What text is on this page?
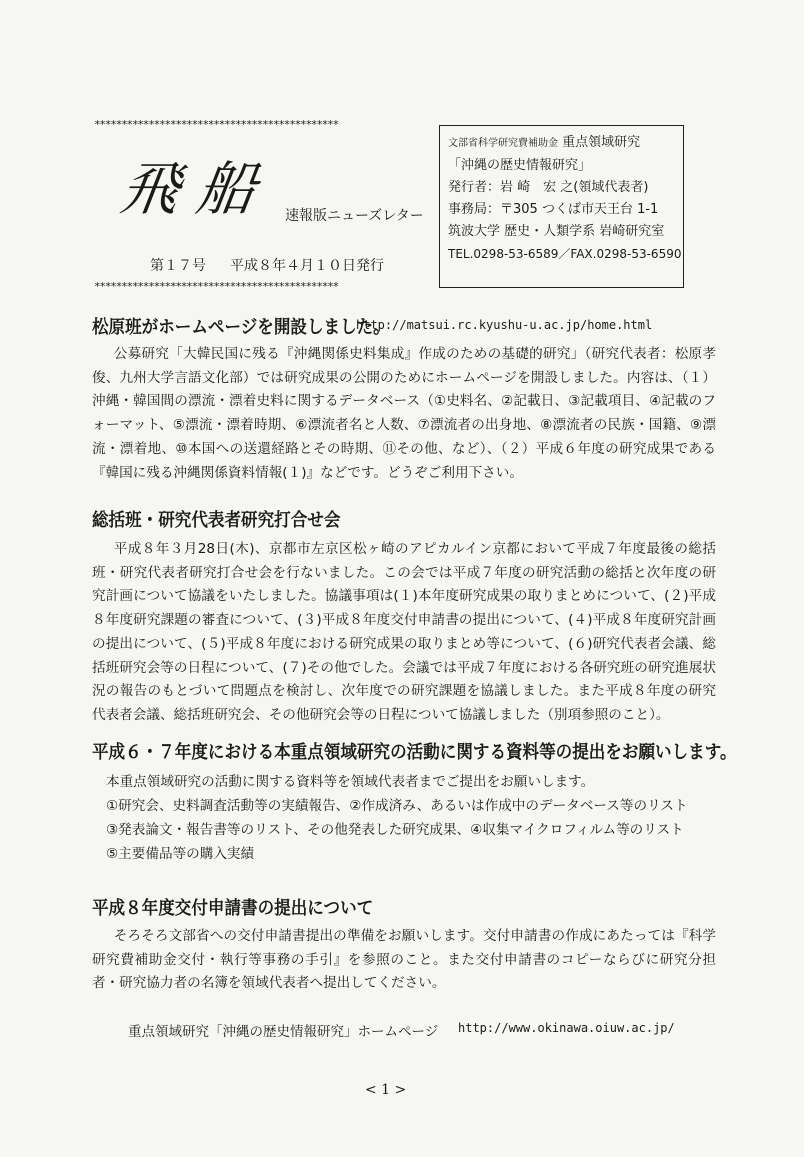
*********************************************
飛船 速報版ニューズレター
第１７号 平成８年４月１０日発行
*********************************************
文部省科学研究費補助金 重点領域研究
「沖縄の歴史情報研究」
発行者：岩 崎　宏 之(領域代表者)
事務局：〒305 つくば市天王台 1-1
筑波大学 歴史・人類学系 岩崎研究室
TEL.0298-53-6589／FAX.0298-53-6590
松原班がホームページを開設しました。
http://matsui.rc.kyushu-u.ac.jp/home.html

公募研究「大韓民国に残る『沖縄関係史料集成』作成のための基礎的研究」（研究代表者：松原孝俊、九州大学言語文化部）では研究成果の公開のためにホームページを開設しました。内容は、（１）沖縄・韓国間の漂流・漂着史料に関するデータベース（①史料名、②記載日、③記載項目、④記載のフォーマット、⑤漂流・漂着時期、⑥漂流者名と人数、⑦漂流者の出身地、⑧漂流者の民族・国籍、⑨漂流・漂着地、⑩本国への送還経路とその時期、⑪その他、など）、（２）平成６年度の研究成果である『韓国に残る沖縄関係資料情報(１)』などです。どうぞご利用下さい。

総括班・研究代表者研究打合せ会

平成８年３月28日(木)、京都市左京区松ヶ崎のアピカルイン京都において平成７年度最後の総括班・研究代表者研究打合せ会を行ないました。この会では平成７年度の研究活動の総括と次年度の研究計画について協議をいたしました。協議事項は(１)本年度研究成果の取りまとめについて、(２)平成８年度研究課題の審査について、(３)平成８年度交付申請書の提出について、(４)平成８年度研究計画の提出について、(５)平成８年度における研究成果の取りまとめ等について、(６)研究代表者会議、総括班研究会等の日程について、(７)その他でした。会議では平成７年度における各研究班の研究進展状況の報告のもとづいて問題点を検討し、次年度での研究課題を協議しました。また平成８年度の研究代表者会議、総括班研究会、その他研究会等の日程について協議しました（別項参照のこと）。

平成６・７年度における本重点領域研究の活動に関する資料等の提出をお願いします。
本重点領域研究の活動に関する資料等を領域代表者までご提出をお願いします。
①研究会、史料調査活動等の実績報告、②作成済み、あるいは作成中のデータベース等のリスト
③発表論文・報告書等のリスト、その他発表した研究成果、④収集マイクロフィルム等のリスト
⑤主要備品等の購入実績
平成８年度交付申請書の提出について

そろそろ文部省への交付申請書提出の準備をお願いします。交付申請書の作成にあたっては『科学研究費補助金交付・執行等事務の手引』を参照のこと。また交付申請書のコピーならびに研究分担者・研究協力者の名簿を領域代表者へ提出してください。

重点領域研究「沖縄の歴史情報研究」ホームページ http://www.okinawa.oiuw.ac.jp/
< 1 >
